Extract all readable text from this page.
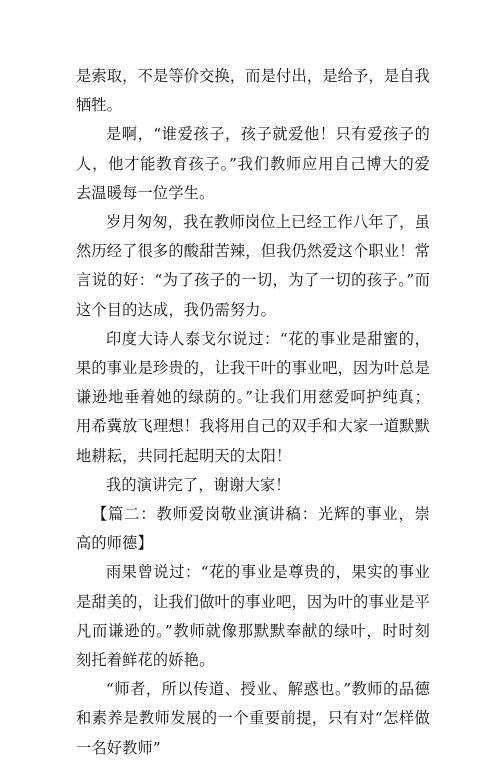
是索取，不是等价交换，而是付出，是给予，是自我牺牲。

是啊，“谁爱孩子，孩子就爱他！只有爱孩子的人，他才能教育孩子。”我们教师应用自己博大的爱去温暖每一位学生。

岁月匆匆，我在教师岗位上已经工作八年了，虽然历经了很多的酸甜苦辣，但我仍然爱这个职业！常言说的好：“为了孩子的一切，为了一切的孩子。”而这个目的达成，我仍需努力。

印度大诗人泰戈尔说过：“花的事业是甜蜜的，果的事业是珍贵的，让我干叶的事业吧，因为叶总是谦逊地垂着她的绿荫的。”让我们用慈爱呵护纯真；用希冀放飞理想！我将用自己的双手和大家一道默默地耕耘，共同托起明天的太阳！

我的演讲完了，谢谢大家！

【篇二：教师爱岗敬业演讲稿：光辉的事业，崇高的师德】

雨果曾说过：“花的事业是尊贵的，果实的事业是甜美的，让我们做叶的事业吧，因为叶的事业是平凡而谦逊的。”教师就像那默默奉献的绿叶，时时刻刻托着鲜花的娇艳。

“师者，所以传道、授业、解惑也。”教师的品德和素养是教师发展的一个重要前提，只有对“怎样做一名好教师”
